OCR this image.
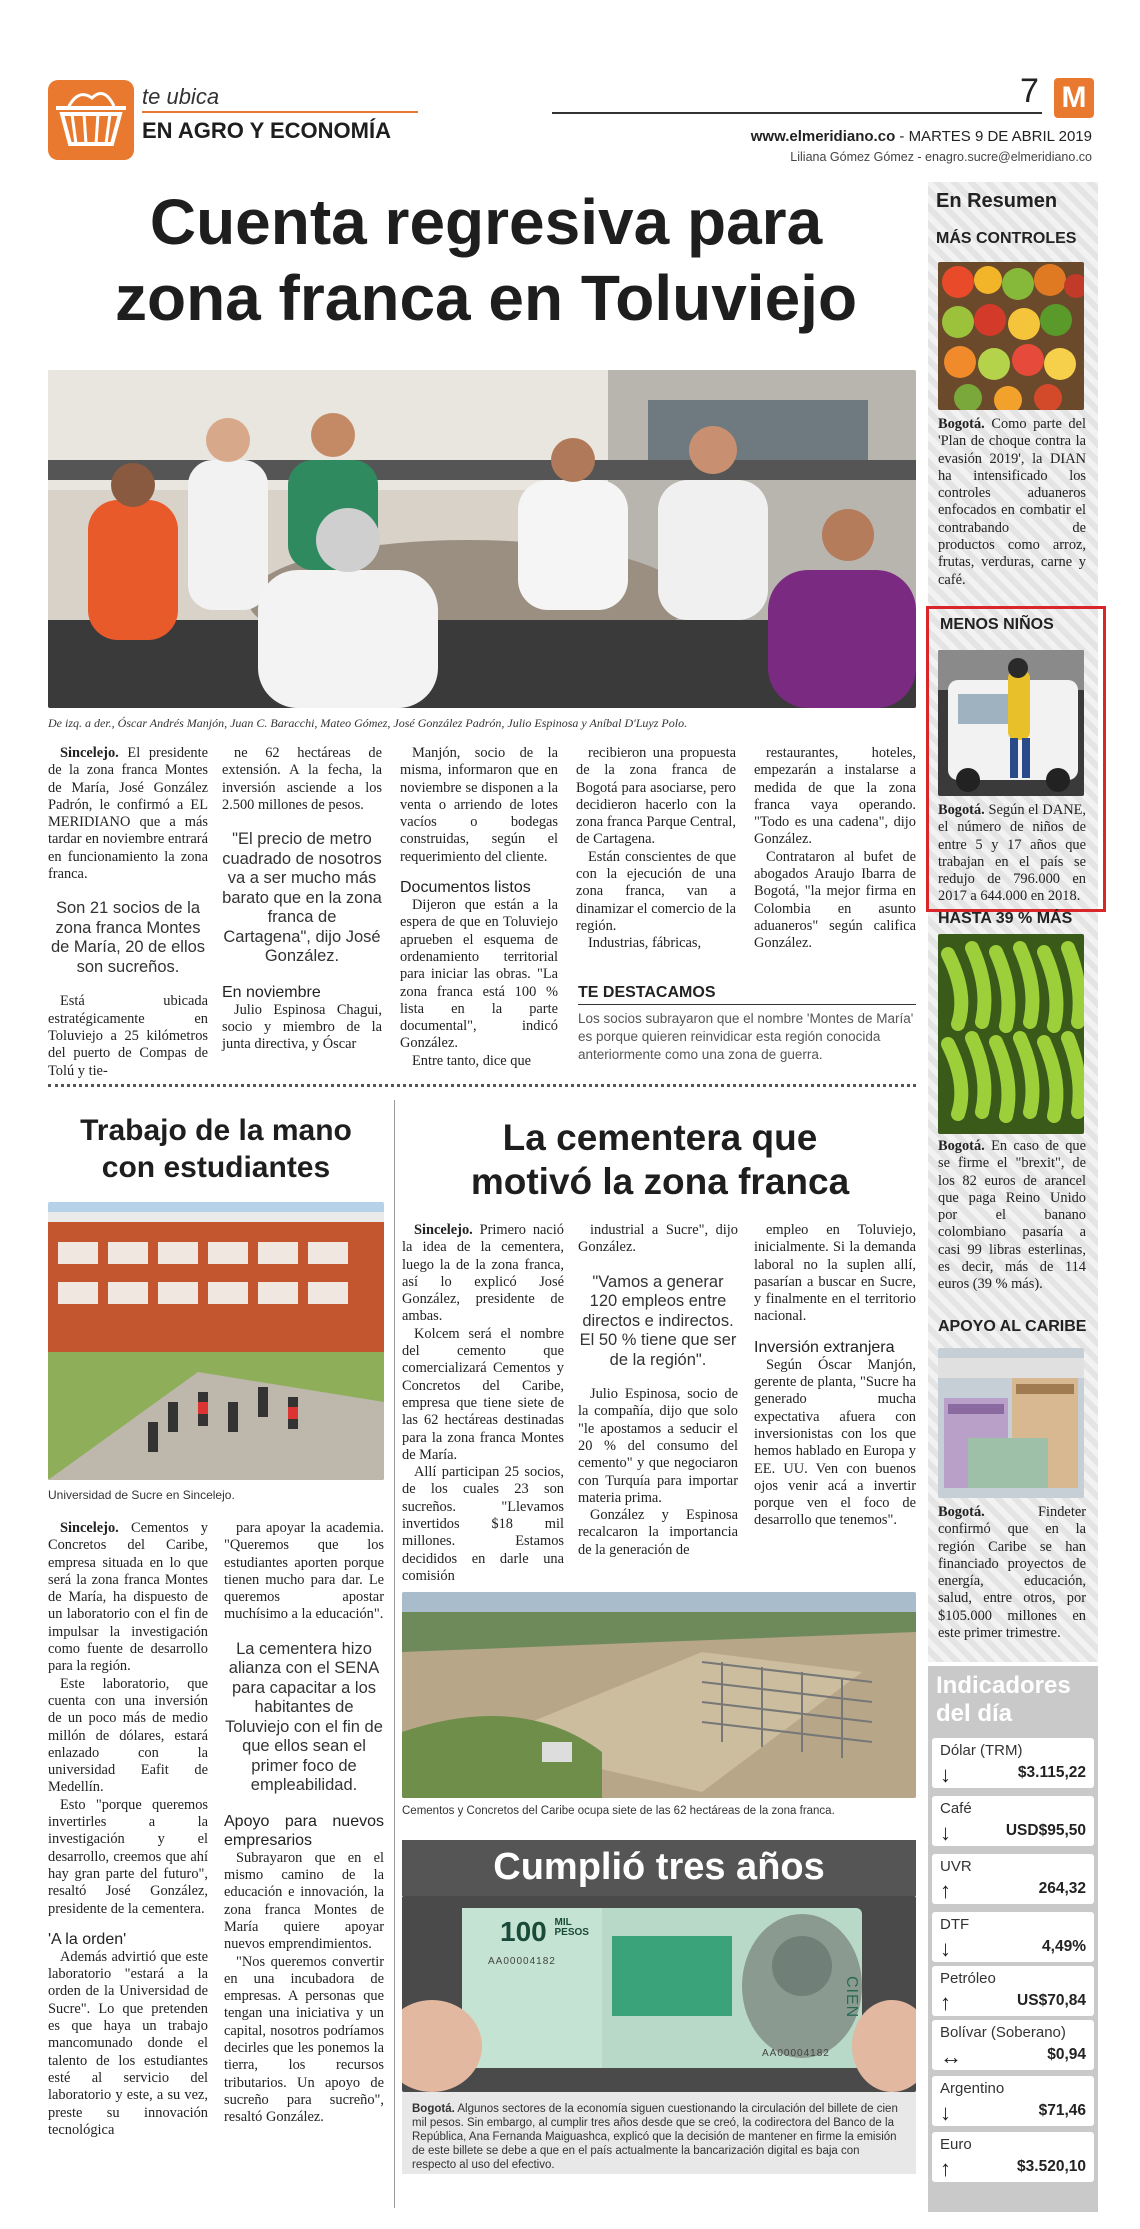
te ubica
EN AGRO Y ECONOMÍA
7 M
www.elmeridiano.co - MARTES 9 DE ABRIL 2019
Liliana Gómez Gómez - enagro.sucre@elmeridiano.co
Cuenta regresiva para
zona franca en Toluviejo
De izq. a der., Óscar Andrés Manjón, Juan C. Baracchi, Mateo Gómez, José González Padrón, Julio Espinosa y Aníbal D'Luyz Polo.

Sincelejo. El presidente de la zona franca Montes de María, José González Padrón, le confirmó a EL MERIDIANO que a más tardar en noviembre entrará en funcionamiento la zona franca.

Son 21 socios de la zona franca Montes de María, 20 de ellos son sucreños.

Está ubicada estratégicamente en Toluviejo a 25 kilómetros del puerto de Compas de Tolú y tie-

ne 62 hectáreas de extensión. A la fecha, la inversión asciende a los 2.500 millones de pesos.

"El precio de metro cuadrado de nosotros va a ser mucho más barato que en la zona franca de Cartagena", dijo José González.
En noviembre

Julio Espinosa Chagui, socio y miembro de la junta directiva, y Óscar

Manjón, socio de la misma, informaron que en noviembre se disponen a la venta o arriendo de lotes vacíos o bodegas construidas, según el requerimiento del cliente.

Documentos listos

Dijeron que están a la espera de que en Toluviejo aprueben el esquema de ordenamiento territorial para iniciar las obras. "La zona franca está 100 % lista en la parte documental", indicó González.

Entre tanto, dice que

recibieron una propuesta de la zona franca de Bogotá para asociarse, pero decidieron hacerlo con la zona franca Parque Central, de Cartagena.

Están conscientes de que con la ejecución de una zona franca, van a dinamizar el comercio de la región.

Industrias, fábricas,

restaurantes, hoteles, empezarán a instalarse a medida de que la zona franca vaya operando. "Todo es una cadena", dijo González.

Contrataron al bufet de abogados Araujo Ibarra de Bogotá, "la mejor firma en Colombia en asunto aduaneros" según califica González.

TE DESTACAMOS
Los socios subrayaron que el nombre 'Montes de María' es porque quieren reinvidicar esta región conocida anteriormente como una zona de guerra.
Trabajo de la mano
con estudiantes
Universidad de Sucre en Sincelejo.

Sincelejo. Cementos y Concretos del Caribe, empresa situada en lo que será la zona franca Montes de María, ha dispuesto de un laboratorio con el fin de impulsar la investigación como fuente de desarrollo para la región.

Este laboratorio, que cuenta con una inversión de un poco más de medio millón de dólares, estará enlazado con la universidad Eafit de Medellín.

Esto "porque queremos invertirles a la investigación y el desarrollo, creemos que ahí hay gran parte del futuro", resaltó José González, presidente de la cementera.

'A la orden'

Además advirtió que este laboratorio "estará a la orden de la Universidad de Sucre". Lo que pretenden es que haya un trabajo mancomunado donde el talento de los estudiantes esté al servicio del laboratorio y este, a su vez, preste su innovación tecnológica

para apoyar la academia. "Queremos que los estudiantes aporten porque tienen mucho para dar. Le queremos apostar muchísimo a la educación".

La cementera hizo alianza con el SENA para capacitar a los habitantes de Toluviejo con el fin de que ellos sean el primer foco de empleabilidad.
Apoyo para nuevos empresarios

Subrayaron que en el mismo camino de la educación e innovación, la zona franca Montes de María quiere apoyar nuevos emprendimientos.

"Nos queremos convertir en una incubadora de empresas. A personas que tengan una iniciativa y un capital, nosotros podríamos decirles que les ponemos la tierra, los recursos tributarios. Un apoyo de sucreño para sucreño", resaltó González.

La cementera que
motivó la zona franca

Sincelejo. Primero nació la idea de la cementera, luego la de la zona franca, así lo explicó José González, presidente de ambas.

Kolcem será el nombre del cemento que comercializará Cementos y Concretos del Caribe, empresa que tiene siete de las 62 hectáreas destinadas para la zona franca Montes de María.

Allí participan 25 socios, de los cuales 23 son sucreños. "Llevamos invertidos $18 mil millones. Estamos decididos en darle una comisión

industrial a Sucre", dijo González.

"Vamos a generar 120 empleos entre directos e indirectos. El 50 % tiene que ser de la región".

Julio Espinosa, socio de la compañía, dijo que solo "le apostamos a seducir el 20 % del consumo del cemento" y que negociaron con Turquía para importar materia prima.

González y Espinosa recalcaron la importancia de la generación de

empleo en Toluviejo, inicialmente. Si la demanda laboral no la suplen allí, pasarían a buscar en Sucre, y finalmente en el territorio nacional.

Inversión extranjera

Según Óscar Manjón, gerente de planta, "Sucre ha generado mucha expectativa afuera con inversionistas con los que hemos hablado en Europa y EE. UU. Ven con buenos ojos venir acá a invertir porque ven el foco de desarrollo que tenemos".

Cementos y Concretos del Caribe ocupa siete de las 62 hectáreas de la zona franca.
Cumplió tres años
100 MIL
PESOS
AA00004182
AA00004182
CIEN
Bogotá. Algunos sectores de la economía siguen cuestionando la circulación del billete de cien mil pesos. Sin embargo, al cumplir tres años desde que se creó, la codirectora del Banco de la República, Ana Fernanda Maiguashca, explicó que la decisión de mantener en firme la emisión de este billete se debe a que en el país actualmente la bancarización digital es baja con respecto al uso del efectivo.
En Resumen
MÁS CONTROLES
Bogotá. Como parte del 'Plan de choque contra la evasión 2019', la DIAN ha intensificado los controles aduaneros enfocados en combatir el contrabando de productos como arroz, frutas, verduras, carne y café.
MENOS NIÑOS
Bogotá. Según el DANE, el número de niños de entre 5 y 17 años que trabajan en el país se redujo de 796.000 en 2017 a 644.000 en 2018.
HASTA 39 % MÁS
Bogotá. En caso de que se firme el "brexit", de los 82 euros de arancel que paga Reino Unido por el banano colombiano pasaría a casi 99 libras esterlinas, es decir, más de 114 euros (39 % más).
APOYO AL CARIBE
Bogotá. Findeter confirmó que en la región Caribe se han financiado proyectos de energía, educación, salud, entre otros, por $105.000 millones en este primer trimestre.
Indicadores
del día
Dólar (TRM)
↓	$3.115,22
Café
↓	USD$95,50
UVR
↑	264,32
DTF
↓	4,49%
Petróleo
↑	US$70,84
Bolívar (Soberano)
↔	$0,94
Argentino
↓	$71,46
Euro
↑	$3.520,10
